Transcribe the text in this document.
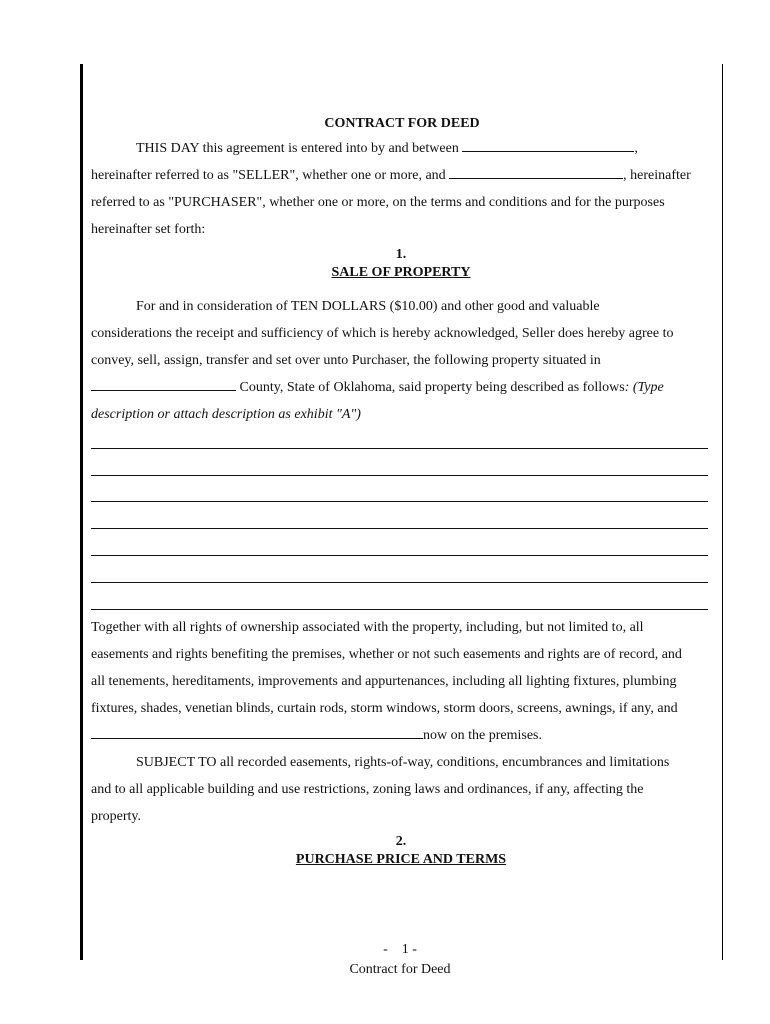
CONTRACT FOR DEED
THIS DAY this agreement is entered into by and between	,
hereinafter referred to as "SELLER", whether one or more, and	, hereinafter
referred to as "PURCHASER", whether one or more, on the terms and conditions and for the purposes
hereinafter set forth:
1.
SALE OF PROPERTY
For and in consideration of TEN DOLLARS ($10.00) and other good and valuable
considerations the receipt and sufficiency of which is hereby acknowledged, Seller does hereby agree to
convey, sell, assign, transfer and set over unto Purchaser, the following property situated in
County, State of Oklahoma, said property being described as follows: (Type
description or attach description as exhibit "A")
Together with all rights of ownership associated with the property, including, but not limited to, all
easements and rights benefiting the premises, whether or not such easements and rights are of record, and
all tenements, hereditaments, improvements and appurtenances, including all lighting fixtures, plumbing
fixtures, shades, venetian blinds, curtain rods, storm windows, storm doors, screens, awnings, if any, and
now on the premises.
SUBJECT TO all recorded easements, rights-of-way, conditions, encumbrances and limitations
and to all applicable building and use restrictions, zoning laws and ordinances, if any, affecting the
property.
2.
PURCHASE PRICE AND TERMS
-    1 -
Contract for Deed
